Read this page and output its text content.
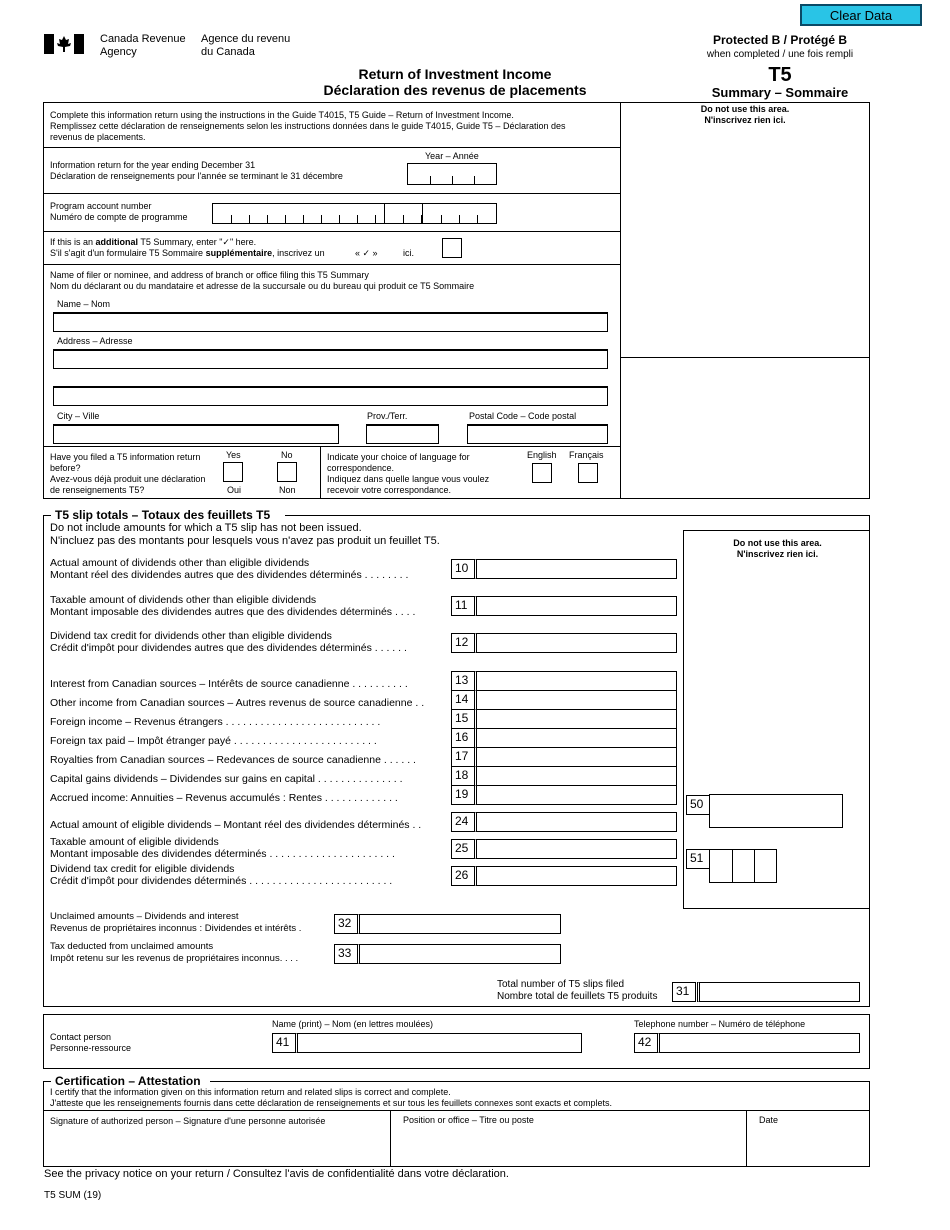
Clear Data
Canada Revenue
Agency
Agence du revenu
du Canada
Protected B / Protégé B
when completed / une fois rempli
Return of Investment Income
Déclaration des revenus de placements
T5
Summary – Sommaire
Do not use this area.
N'inscrivez rien ici.
Complete this information return using the instructions in the Guide T4015, T5 Guide – Return of Investment Income.
Remplissez cette déclaration de renseignements selon les instructions données dans le guide T4015, Guide T5 – Déclaration des
revenus de placements.
Year – Année
Information return for the year ending December 31
Déclaration de renseignements pour l'année se terminant le 31 décembre
Program account number
Numéro de compte de programme
If this is an additional T5 Summary, enter "✓" here.
S'il s'agit d'un formulaire T5 Sommaire supplémentaire, inscrivez un	« ✓ »	ici.
Name of filer or nominee, and address of branch or office filing this T5 Summary
Nom du déclarant ou du mandataire et adresse de la succursale ou du bureau qui produit ce T5 Sommaire
Name – Nom
Address – Adresse
City – Ville	Prov./Terr.	Postal Code – Code postal
Have you filed a T5 information return
before?
Avez-vous déjà produit une déclaration
de renseignements T5?
Yes	No
Oui	Non
Indicate your choice of language for
correspondence.
Indiquez dans quelle langue vous voulez
recevoir votre correspondance.
English Français
T5 slip totals – Totaux des feuillets T5
Do not include amounts for which a T5 slip has not been issued.
N'incluez pas des montants pour lesquels vous n'avez pas produit un feuillet T5.	Do not use this area.
N'inscrivez rien ici.
Actual amount of dividends other than eligible dividends
Montant réel des dividendes autres que des dividendes déterminés . . . . . . . .	10
Taxable amount of dividends other than eligible dividends
Montant imposable des dividendes autres que des dividendes déterminés . . . .	11
Dividend tax credit for dividends other than eligible dividends
Crédit d'impôt pour dividendes autres que des dividendes déterminés . . . . . .	12
Interest from Canadian sources – Intérêts de source canadienne . . . . . . . . . .	13
Other income from Canadian sources – Autres revenus de source canadienne . .	14
Foreign income – Revenus étrangers . . . . . . . . . . . . . . . . . . . . . . . . . . .	15
Foreign tax paid – Impôt étranger payé . . . . . . . . . . . . . . . . . . . . . . . . .	16
Royalties from Canadian sources – Redevances de source canadienne . . . . . .	17
Capital gains dividends – Dividendes sur gains en capital . . . . . . . . . . . . . . .	18
Accrued income: Annuities – Revenus accumulés : Rentes . . . . . . . . . . . . .	19
Actual amount of eligible dividends – Montant réel des dividendes déterminés . .	24
Taxable amount of eligible dividends
Montant imposable des dividendes déterminés . . . . . . . . . . . . . . . . . . . . . .	25
Dividend tax credit for eligible dividends
Crédit d'impôt pour dividendes déterminés . . . . . . . . . . . . . . . . . . . . . . . . .	26
Unclaimed amounts – Dividends and interest
Revenus de propriétaires inconnus : Dividendes et intérêts .	32
Tax deducted from unclaimed amounts
Impôt retenu sur les revenus de propriétaires inconnus. . . .	33
50
51
Total number of T5 slips filed
Nombre total de feuillets T5 produits	31
Name (print) – Nom (en lettres moulées)	Telephone number – Numéro de téléphone
Contact person
Personne-ressource	41	42
Certification – Attestation
I certify that the information given on this information return and related slips is correct and complete.
J'atteste que les renseignements fournis dans cette déclaration de renseignements et sur tous les feuillets connexes sont exacts et complets.
Signature of authorized person – Signature d'une personne autorisée	Position or office – Titre ou poste	Date
See the privacy notice on your return / Consultez l'avis de confidentialité dans votre déclaration.
T5 SUM (19)
